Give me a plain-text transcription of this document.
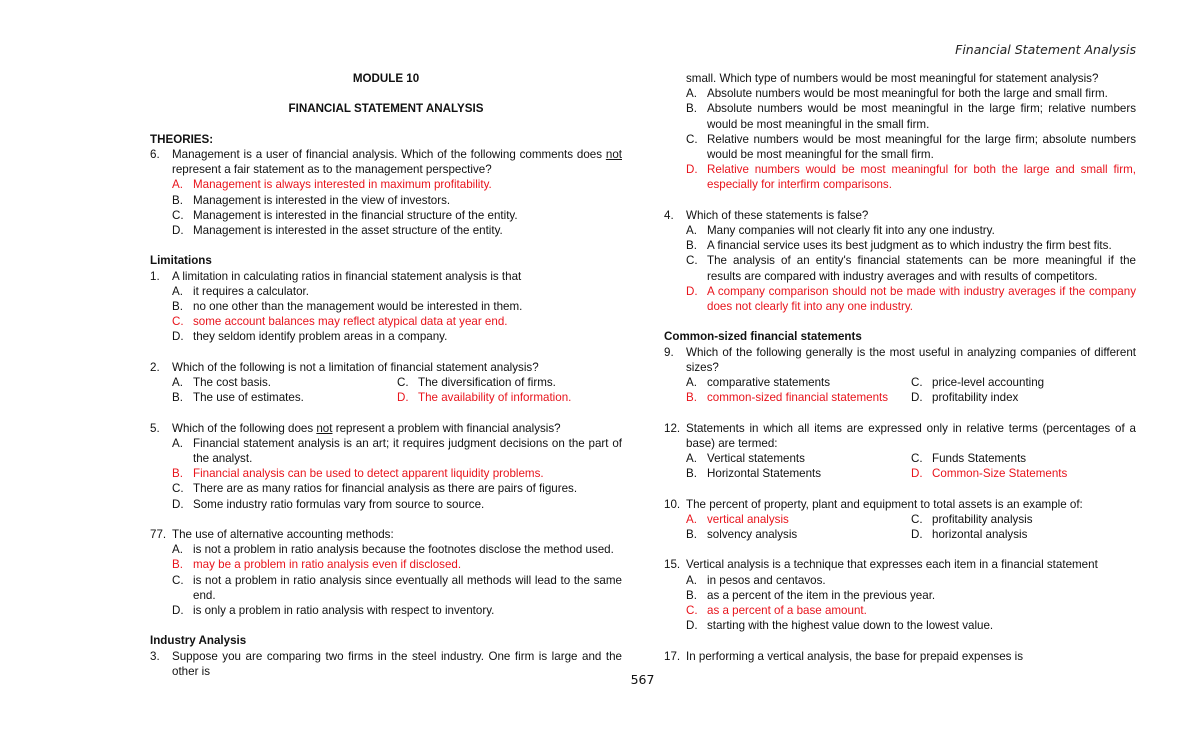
Financial Statement Analysis
MODULE 10
FINANCIAL STATEMENT ANALYSIS
THEORIES:
6.	Management is a user of financial analysis. Which of the following comments does not represent a fair statement as to the management perspective?
A. Management is always interested in maximum profitability.
B. Management is interested in the view of investors.
C. Management is interested in the financial structure of the entity.
D. Management is interested in the asset structure of the entity.
Limitations
1.	A limitation in calculating ratios in financial statement analysis is that
A. it requires a calculator.
B. no one other than the management would be interested in them.
C. some account balances may reflect atypical data at year end.
D. they seldom identify problem areas in a company.
2.	Which of the following is not a limitation of financial statement analysis?
A. The cost basis.	C. The diversification of firms.
B. The use of estimates.	D. The availability of information.
5.	Which of the following does not represent a problem with financial analysis?
A. Financial statement analysis is an art; it requires judgment decisions on the part of the analyst.
B. Financial analysis can be used to detect apparent liquidity problems.
C. There are as many ratios for financial analysis as there are pairs of figures.
D. Some industry ratio formulas vary from source to source.
77. The use of alternative accounting methods:
A. is not a problem in ratio analysis because the footnotes disclose the method used.
B. may be a problem in ratio analysis even if disclosed.
C. is not a problem in ratio analysis since eventually all methods will lead to the same end.
D. is only a problem in ratio analysis with respect to inventory.
Industry Analysis
3.	Suppose you are comparing two firms in the steel industry. One firm is large and the other is
small. Which type of numbers would be most meaningful for statement analysis?
A. Absolute numbers would be most meaningful for both the large and small firm.
B. Absolute numbers would be most meaningful in the large firm; relative numbers would be most meaningful in the small firm.
C. Relative numbers would be most meaningful for the large firm; absolute numbers would be most meaningful for the small firm.
D. Relative numbers would be most meaningful for both the large and small firm, especially for interfirm comparisons.
4.	Which of these statements is false?
A. Many companies will not clearly fit into any one industry.
B. A financial service uses its best judgment as to which industry the firm best fits.
C. The analysis of an entity's financial statements can be more meaningful if the results are compared with industry averages and with results of competitors.
D. A company comparison should not be made with industry averages if the company does not clearly fit into any one industry.
Common-sized financial statements
9.	Which of the following generally is the most useful in analyzing companies of different sizes?
A. comparative statements	C. price-level accounting
B. common-sized financial statements D. profitability index
12. Statements in which all items are expressed only in relative terms (percentages of a base) are termed:
A. Vertical statements	C. Funds Statements
B. Horizontal Statements	D. Common-Size Statements
10. The percent of property, plant and equipment to total assets is an example of:
A. vertical analysis	C. profitability analysis
B. solvency analysis	D. horizontal analysis
15. Vertical analysis is a technique that expresses each item in a financial statement
A. in pesos and centavos.
B. as a percent of the item in the previous year.
C. as a percent of a base amount.
D. starting with the highest value down to the lowest value.
17. In performing a vertical analysis, the base for prepaid expenses is
567
